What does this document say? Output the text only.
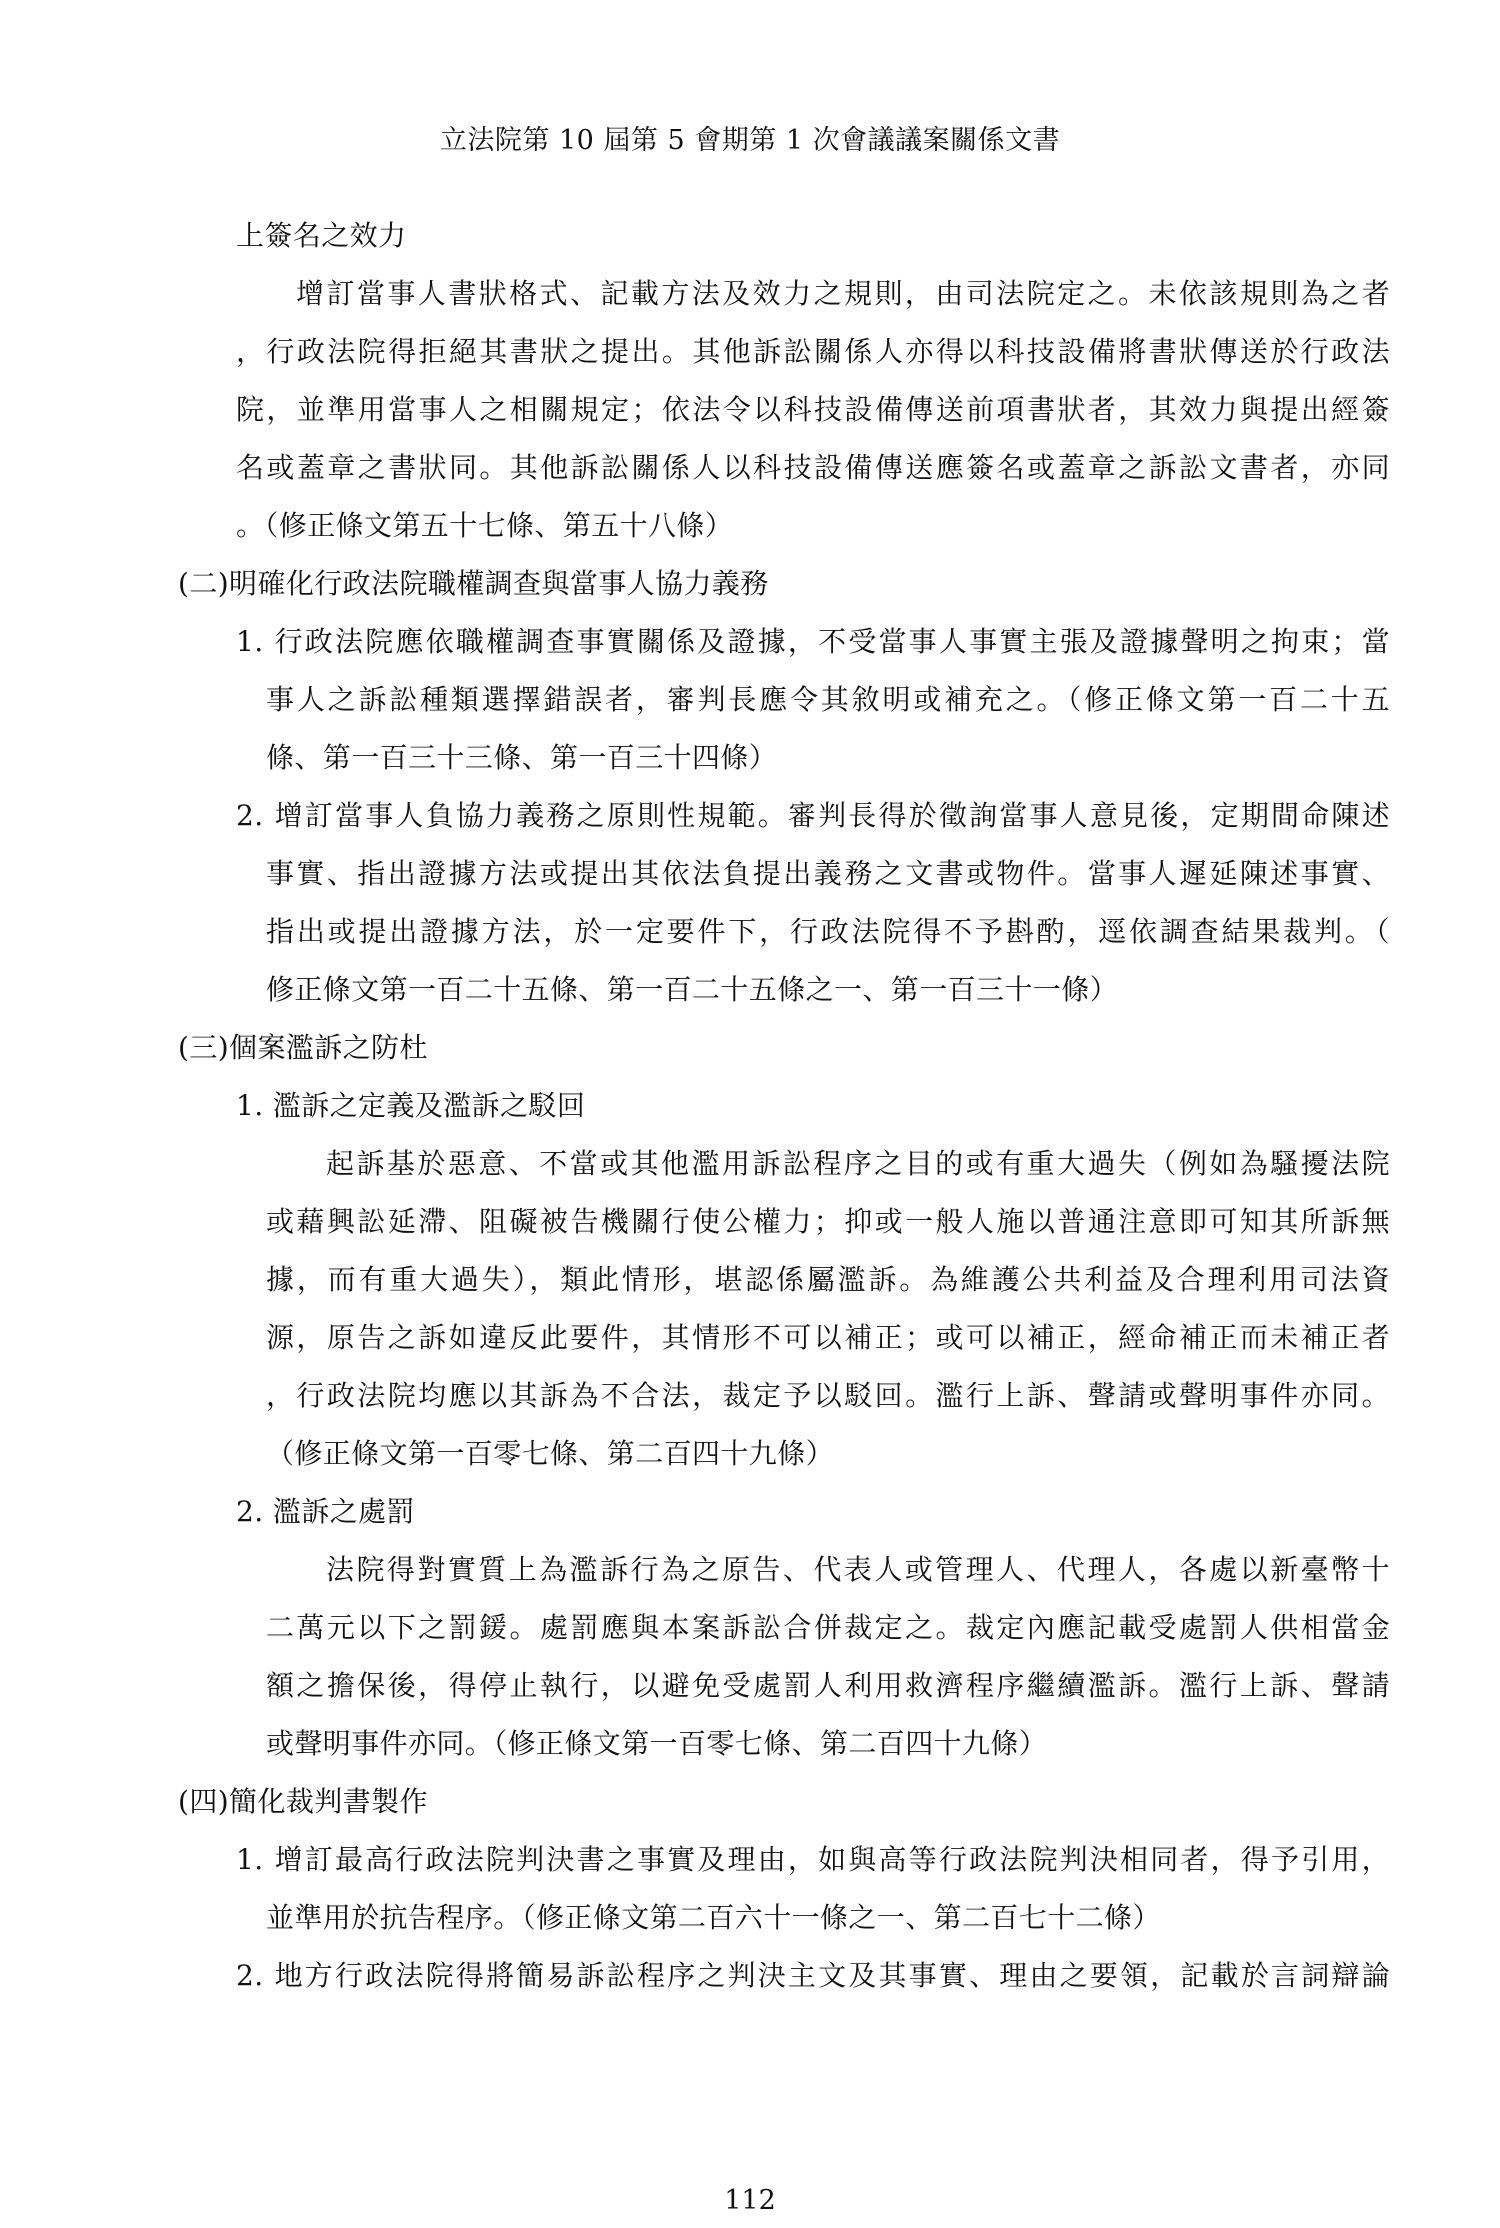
立法院第 10 屆第 5 會期第 1 次會議議案關係文書
上簽名之效力
增訂當事人書狀格式、記載方法及效力之規則，由司法院定之。未依該規則為之者
，行政法院得拒絕其書狀之提出。其他訴訟關係人亦得以科技設備將書狀傳送於行政法
院，並準用當事人之相關規定；依法令以科技設備傳送前項書狀者，其效力與提出經簽
名或蓋章之書狀同。其他訴訟關係人以科技設備傳送應簽名或蓋章之訴訟文書者，亦同
。（修正條文第五十七條、第五十八條）
(二)明確化行政法院職權調查與當事人協力義務
1. 行政法院應依職權調查事實關係及證據，不受當事人事實主張及證據聲明之拘束；當
事人之訴訟種類選擇錯誤者，審判長應令其敘明或補充之。（修正條文第一百二十五
條、第一百三十三條、第一百三十四條）
2. 增訂當事人負協力義務之原則性規範。審判長得於徵詢當事人意見後，定期間命陳述
事實、指出證據方法或提出其依法負提出義務之文書或物件。當事人遲延陳述事實、
指出或提出證據方法，於一定要件下，行政法院得不予斟酌，逕依調查結果裁判。（
修正條文第一百二十五條、第一百二十五條之一、第一百三十一條）
(三)個案濫訴之防杜
1. 濫訴之定義及濫訴之駁回
起訴基於惡意、不當或其他濫用訴訟程序之目的或有重大過失（例如為騷擾法院
或藉興訟延滯、阻礙被告機關行使公權力；抑或一般人施以普通注意即可知其所訴無
據，而有重大過失），類此情形，堪認係屬濫訴。為維護公共利益及合理利用司法資
源，原告之訴如違反此要件，其情形不可以補正；或可以補正，經命補正而未補正者
，行政法院均應以其訴為不合法，裁定予以駁回。濫行上訴、聲請或聲明事件亦同。
（修正條文第一百零七條、第二百四十九條）
2. 濫訴之處罰
法院得對實質上為濫訴行為之原告、代表人或管理人、代理人，各處以新臺幣十
二萬元以下之罰鍰。處罰應與本案訴訟合併裁定之。裁定內應記載受處罰人供相當金
額之擔保後，得停止執行，以避免受處罰人利用救濟程序繼續濫訴。濫行上訴、聲請
或聲明事件亦同。（修正條文第一百零七條、第二百四十九條）
(四)簡化裁判書製作
1. 增訂最高行政法院判決書之事實及理由，如與高等行政法院判決相同者，得予引用，
並準用於抗告程序。（修正條文第二百六十一條之一、第二百七十二條）
2. 地方行政法院得將簡易訴訟程序之判決主文及其事實、理由之要領，記載於言詞辯論
112
